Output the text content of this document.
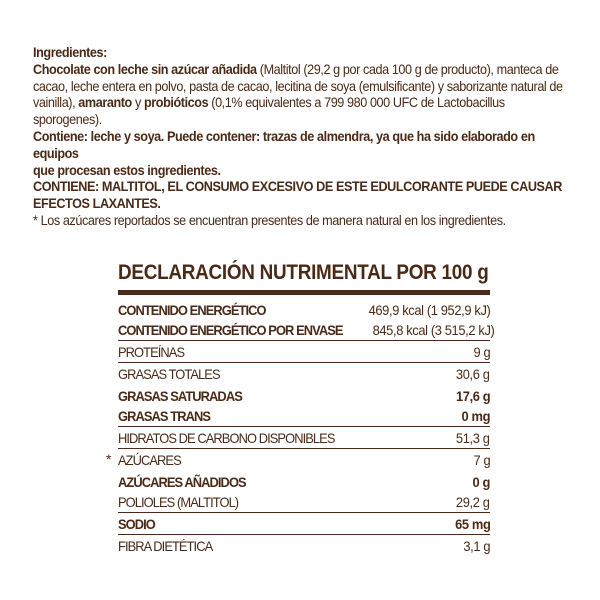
Ingredientes:

Chocolate con leche sin azúcar añadida (Maltitol (29,2 g por cada 100 g de producto), manteca de cacao, leche entera en polvo, pasta de cacao, lecitina de soya (emulsificante) y saborizante natural de vainilla), amaranto y probióticos (0,1% equivalentes a 799 980 000 UFC de Lactobacillus sporogenes).

Contiene: leche y soya. Puede contener: trazas de almendra, ya que ha sido elaborado en equipos

que procesan estos ingredientes.

CONTIENE: MALTITOL, EL CONSUMO EXCESIVO DE ESTE EDULCORANTE PUEDE CAUSAR EFECTOS LAXANTES.

* Los azúcares reportados se encuentran presentes de manera natural en los ingredientes.

DECLARACIÓN NUTRIMENTAL POR 100 g
CONTENIDO ENERGÉTICO	469,9 kcal (1 952,9 kJ)
CONTENIDO ENERGÉTICO POR ENVASE 845,8 kcal (3 515,2 kJ)
PROTEÍNAS	9 g
GRASAS TOTALES	30,6 g
GRASAS SATURADAS	17,6 g
GRASAS TRANS	0 mg
HIDRATOS DE CARBONO DISPONIBLES	51,3 g
* AZÚCARES	7 g
AZÚCARES AÑADIDOS	0 g
POLIOLES (MALTITOL)	29,2 g
SODIO	65 mg
FIBRA DIETÉTICA	3,1 g
